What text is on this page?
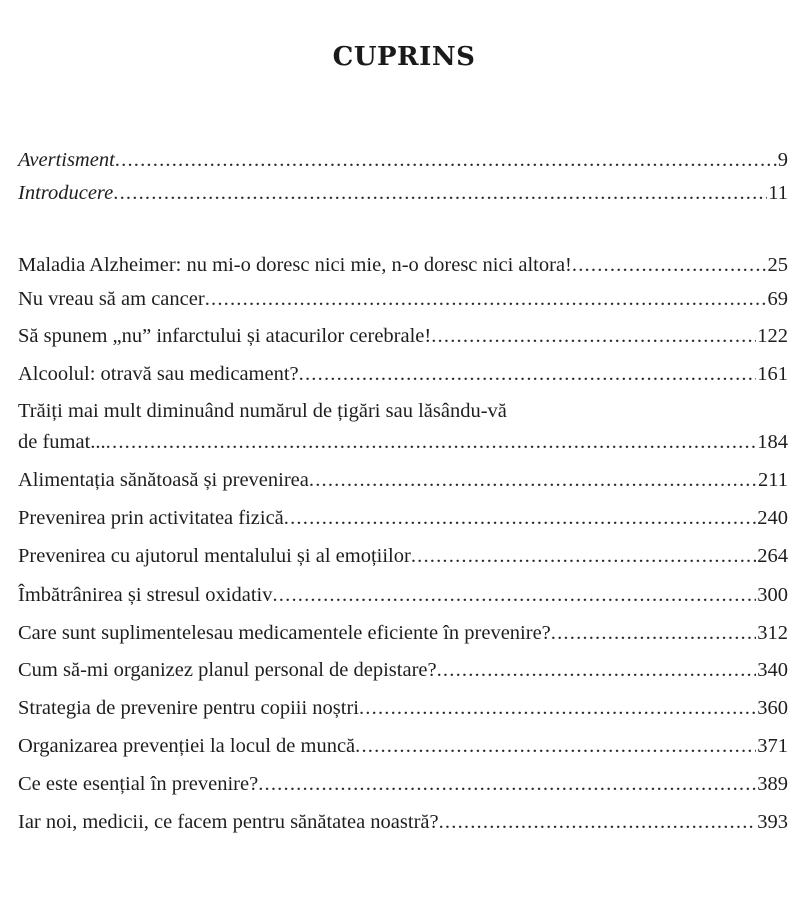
CUPRINS
Avertisment .....	9
Introducere .....	11
Maladia Alzheimer: nu mi-o doresc nici mie, n-o doresc nici altora! .....	25
Nu vreau să am cancer .....	69
Să spunem „nu” infarctului și atacurilor cerebrale! .....	122
Alcoolul: otravă sau medicament? .....	161
Trăiți mai mult diminuând numărul de țigări sau lăsându-vă
de fumat... .....	184
Alimentația sănătoasă și prevenirea .....	211
Prevenirea prin activitatea fizică .....	240
Prevenirea cu ajutorul mentalului și al emoțiilor .....	264
Îmbătrânirea și stresul oxidativ .....	300
Care sunt suplimentelesau medicamentele eficiente în prevenire? .....	312
Cum să-mi organizez planul personal de depistare? .....	340
Strategia de prevenire pentru copiii noștri .....	360
Organizarea prevenției la locul de muncă .....	371
Ce este esențial în prevenire? .....	389
Iar noi, medicii, ce facem pentru sănătatea noastră? .....	393
